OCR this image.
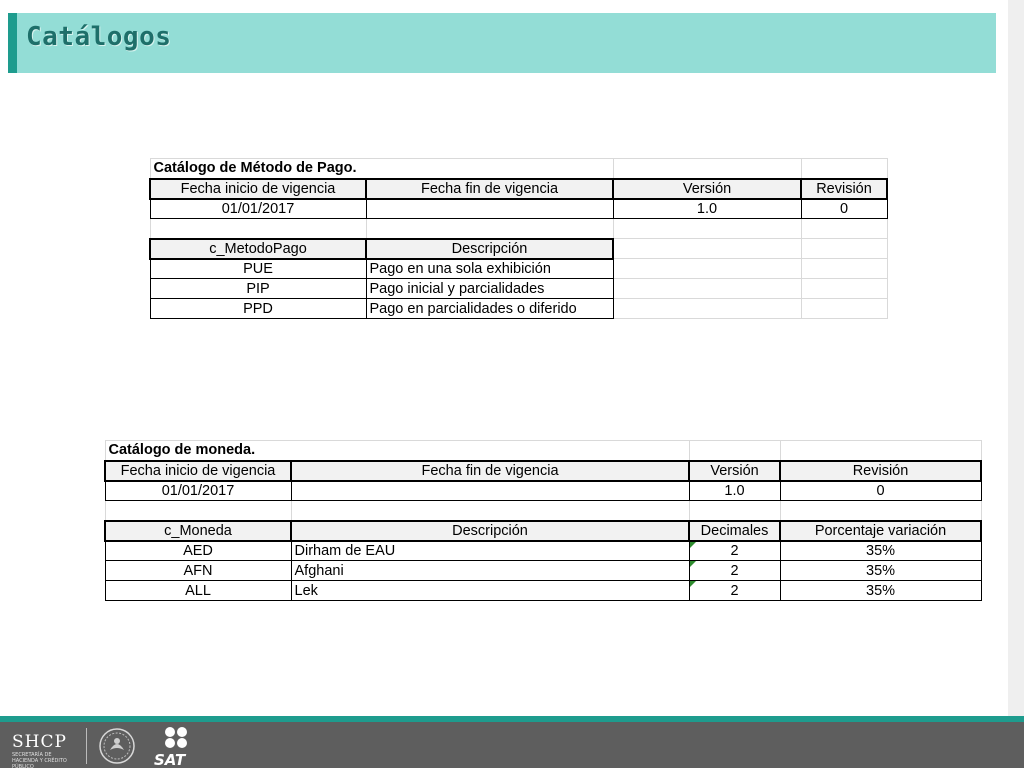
Catálogos
Catálogo de Método de Pago.			
Fecha inicio de vigencia	Fecha fin de vigencia	Versión	Revisión
01/01/2017		1.0	0

c_MetodoPago	Descripción		
PUE	Pago en una sola exhibición		
PIP	Pago inicial y parcialidades		
PPD	Pago en parcialidades o diferido		
Catálogo de moneda.			
Fecha inicio de vigencia	Fecha fin de vigencia	Versión	Revisión
01/01/2017		1.0	0

c_Moneda	Descripción	Decimales	Porcentaje variación
AED	Dirham de EAU	2	35%
AFN	Afghani	2	35%
ALL	Lek	2	35%
SHCP
SECRETARÍA DE HACIENDA Y CRÉDITO PÚBLICO	SAT
